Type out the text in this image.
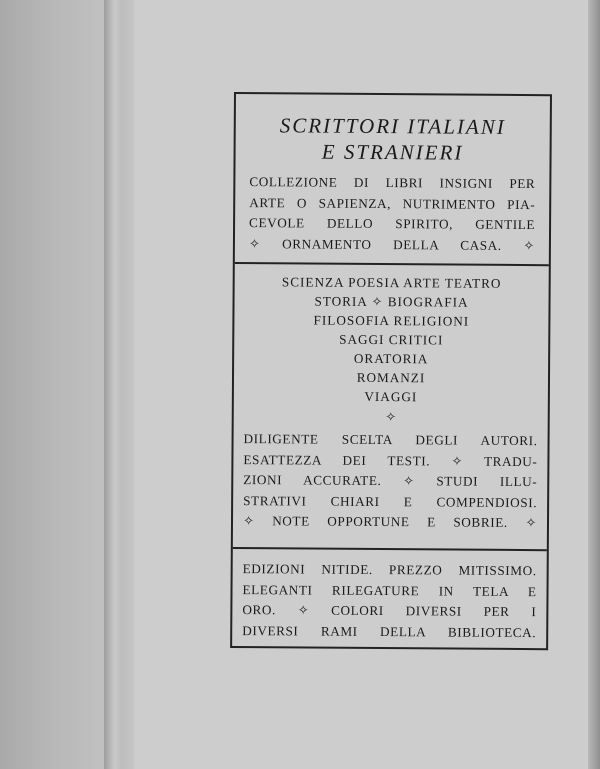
SCRITTORI ITALIANI

E STRANIERI

COLLEZIONE DI LIBRI INSIGNI PER

ARTE O SAPIENZA, NUTRIMENTO PIA-

CEVOLE DELLO SPIRITO, GENTILE

✧ ORNAMENTO DELLA CASA. ✧

SCIENZA POESIA ARTE TEATRO

STORIA ✧ BIOGRAFIA

FILOSOFIA RELIGIONI

SAGGI CRITICI

ORATORIA

ROMANZI

VIAGGI

✧

DILIGENTE SCELTA DEGLI AUTORI.

ESATTEZZA DEI TESTI. ✧ TRADU-

ZIONI ACCURATE. ✧ STUDI ILLU-

STRATIVI CHIARI E COMPENDIOSI.

✧ NOTE OPPORTUNE E SOBRIE. ✧

EDIZIONI NITIDE. PREZZO MITISSIMO.

ELEGANTI RILEGATURE IN TELA E

ORO. ✧ COLORI DIVERSI PER I

DIVERSI RAMI DELLA BIBLIOTECA.
